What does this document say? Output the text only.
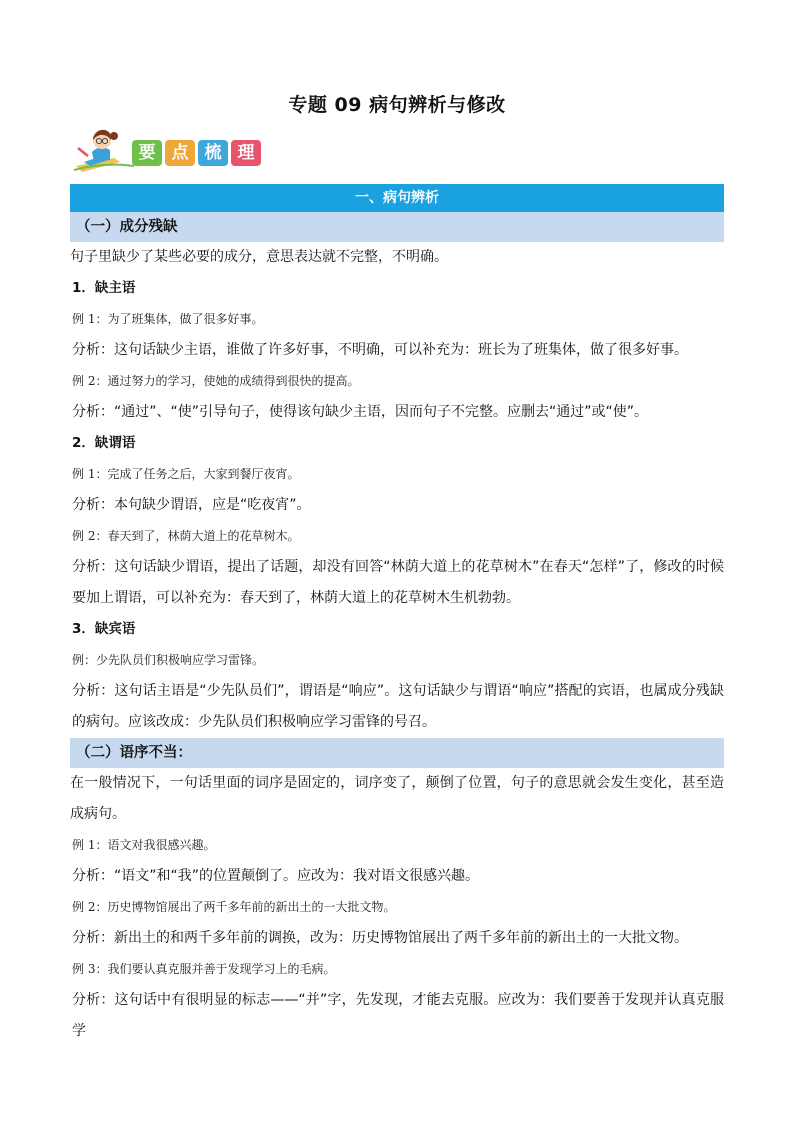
专题 09 病句辨析与修改
要 点 梳 理
一、病句辨析
（一）成分残缺
句子里缺少了某些必要的成分，意思表达就不完整，不明确。
1．缺主语
例 1：为了班集体，做了很多好事。
分析：这句话缺少主语，谁做了许多好事，不明确，可以补充为：班长为了班集体，做了很多好事。
例 2：通过努力的学习，使她的成绩得到很快的提高。
分析：“通过”、“使”引导句子，使得该句缺少主语，因而句子不完整。应删去“通过”或“使”。
2．缺谓语
例 1：完成了任务之后，大家到餐厅夜宵。
分析：本句缺少谓语，应是“吃夜宵”。
例 2：春天到了，林荫大道上的花草树木。
分析：这句话缺少谓语，提出了话题，却没有回答“林荫大道上的花草树木”在春天“怎样”了，修改的时候要加上谓语，可以补充为：春天到了，林荫大道上的花草树木生机勃勃。
3．缺宾语
例：少先队员们积极响应学习雷锋。
分析：这句话主语是“少先队员们”，谓语是“响应”。这句话缺少与谓语“响应”搭配的宾语，也属成分残缺的病句。应该改成：少先队员们积极响应学习雷锋的号召。
（二）语序不当：
在一般情况下，一句话里面的词序是固定的，词序变了，颠倒了位置，句子的意思就会发生变化，甚至造成病句。
例 1：语文对我很感兴趣。
分析：“语文”和“我”的位置颠倒了。应改为：我对语文很感兴趣。
例 2：历史博物馆展出了两千多年前的新出土的一大批文物。
分析：新出土的和两千多年前的调换，改为：历史博物馆展出了两千多年前的新出土的一大批文物。
例 3：我们要认真克服并善于发现学习上的毛病。
分析：这句话中有很明显的标志——“并”字，先发现，才能去克服。应改为：我们要善于发现并认真克服学
